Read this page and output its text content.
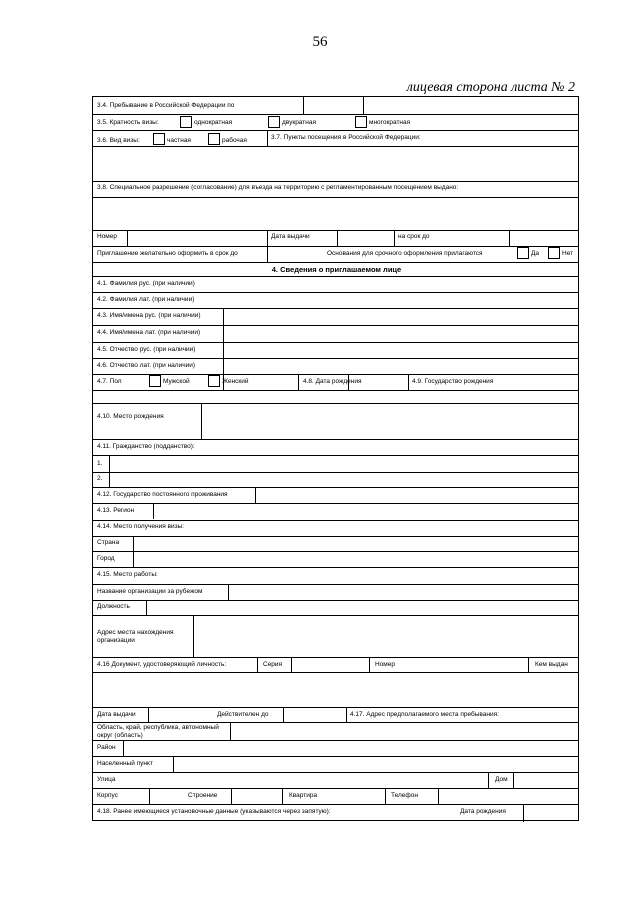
56
лицевая сторона листа № 2
3.4. Пребывание в Российской Федерации по
3.5. Кратность визы:	однократная	двукратная	многократная
3.6. Вид визы:	частная	рабочая	3.7. Пункты посещения в Российской Федерации:
3.8. Специальное разрешение (согласование) для въезда на территорию с регламентированным посещением выдано:
Номер	Дата выдачи	на срок до
Приглашение желательно оформить в срок до	Основания для срочного оформления прилагаются	Да	Нет
4. Сведения о приглашаемом лице
4.1. Фамилия рус. (при наличии)
4.2. Фамилия лат. (при наличии)
4.3. Имя/имена рус. (при наличии)
4.4. Имя/имена лат. (при наличии)
4.5. Отчество рус. (при наличии)
4.6. Отчество лат. (при наличии)
4.7. Пол	Мужской	Женский	4.8. Дата рождения	4.9. Государство рождения
4.10. Место рождения
4.11. Гражданство (подданство):
1.
2.
4.12. Государство постоянного проживания
4.13. Регион
4.14. Место получения визы:
Страна
Город
4.15. Место работы:
Название организации за рубежом
Должность
Адрес места нахождения организации
4.16 Документ, удостоверяющий личность:	Серия	Номер	Кем выдан
Дата выдачи	Действителен до	4.17. Адрес предполагаемого места пребывания:
Область, край, республика, автономный округ (область)
Район
Населенный пункт
Улица	Дом
Корпус	Строение	Квартира	Телефон
4.18. Ранее имеющиеся установочные данные (указываются через запятую):	Дата рождения
